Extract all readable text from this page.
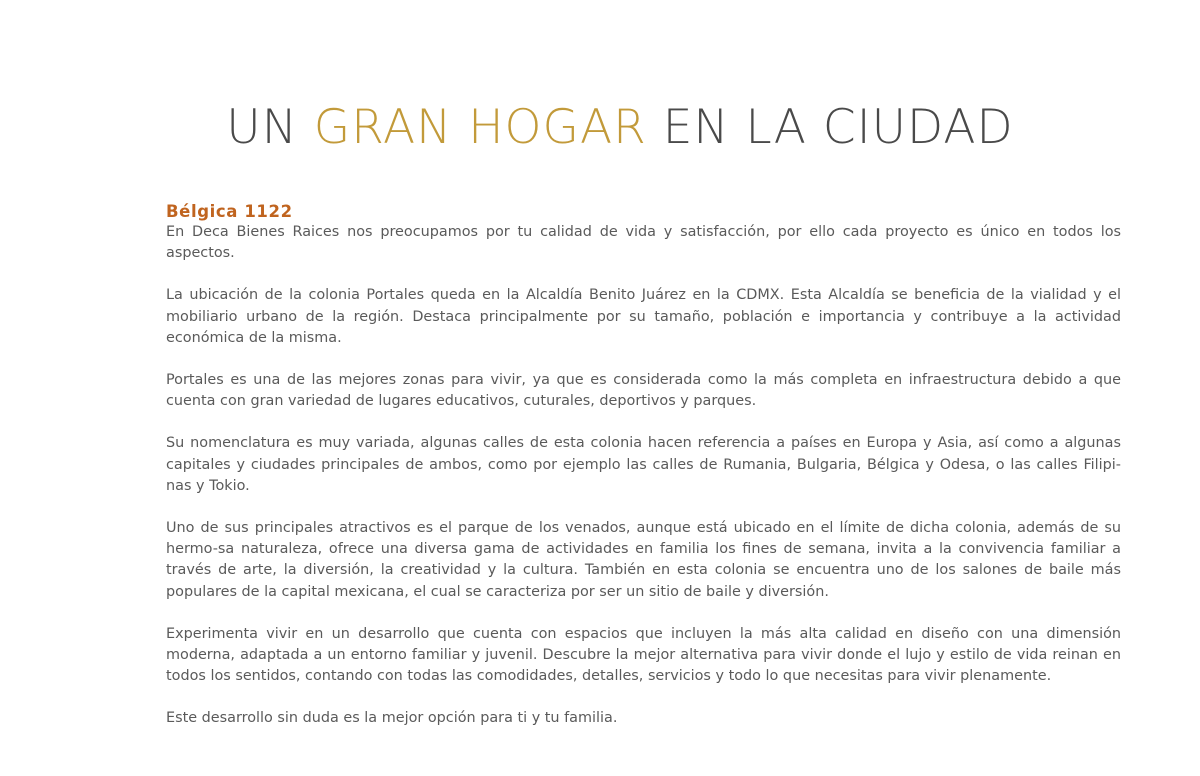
UN GRAN HOGAR EN LA CIUDAD
Bélgica 1122

En Deca Bienes Raices nos preocupamos por tu calidad de vida y satisfacción, por ello cada proyecto es único en todos los aspectos.

La ubicación de la colonia Portales queda en la Alcaldía Benito Juárez en la CDMX. Esta Alcaldía se beneficia de la vialidad y el mobiliario urbano de la región. Destaca principalmente por su tamaño, población e importancia y contribuye a la actividad económica de la misma.

Portales es una de las mejores zonas para vivir, ya que es considerada como la más completa en infraestructura debido a que cuenta con gran variedad de lugares educativos, cuturales, deportivos y parques.

Su nomenclatura es muy variada, algunas calles de esta colonia hacen referencia a países en Europa y Asia, así como a algunas capitales y ciudades principales de ambos, como por ejemplo las calles de Rumania, Bulgaria, Bélgica y Odesa, o las calles Filipi-nas y Tokio.

Uno de sus principales atractivos es el parque de los venados, aunque está ubicado en el límite de dicha colonia, además de su hermo-sa naturaleza, ofrece una diversa gama de actividades en familia los fines de semana, invita a la convivencia familiar a través de arte, la diversión, la creatividad y la cultura. También en esta colonia se encuentra uno de los salones de baile más populares de la capital mexicana, el cual se caracteriza por ser un sitio de baile y diversión.

Experimenta vivir en un desarrollo que cuenta con espacios que incluyen la más alta calidad en diseño con una dimensión moderna, adaptada a un entorno familiar y juvenil. Descubre la mejor alternativa para vivir donde el lujo y estilo de vida reinan en todos los sentidos, contando con todas las comodidades, detalles, servicios y todo lo que necesitas para vivir plenamente.

Este desarrollo sin duda es la mejor opción para ti y tu familia.
